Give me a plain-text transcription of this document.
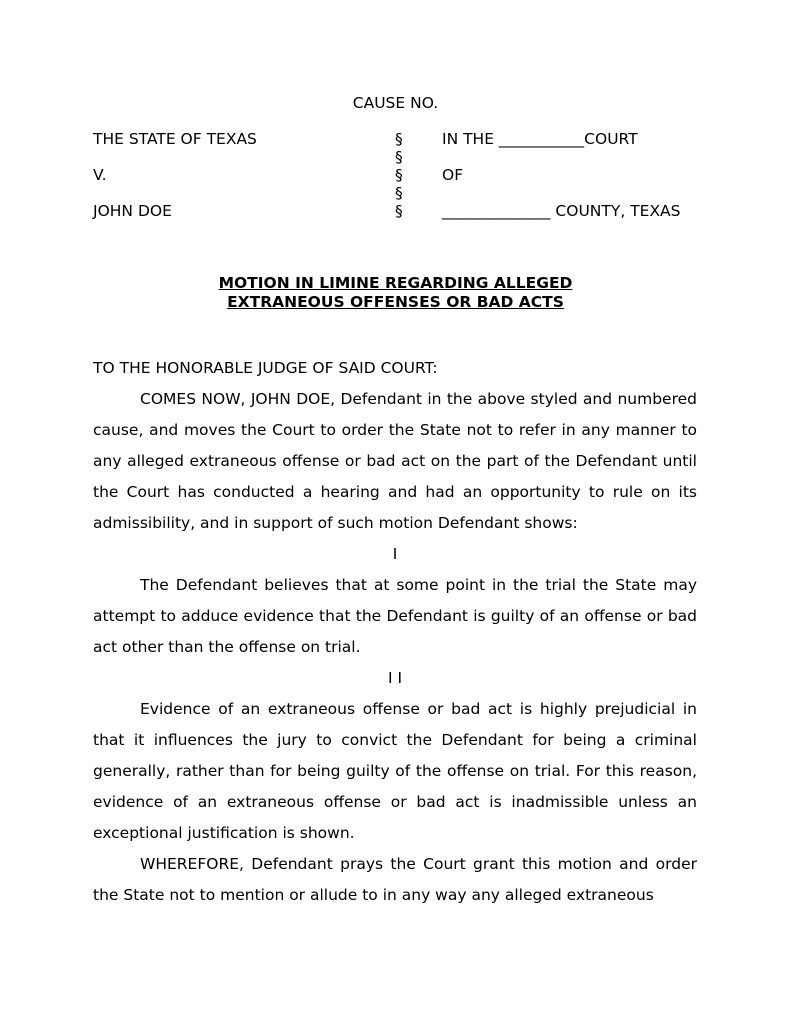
CAUSE NO.
THE STATE OF TEXAS	§	IN THE ___________COURT
§
V.	§	OF
§
JOHN DOE	§	______________ COUNTY, TEXAS
MOTION IN LIMINE REGARDING ALLEGED
EXTRANEOUS OFFENSES OR BAD ACTS
TO THE HONORABLE JUDGE OF SAID COURT:

COMES NOW, JOHN DOE, Defendant in the above styled and numbered cause, and moves the Court to order the State not to refer in any manner to any alleged extraneous offense or bad act on the part of the Defendant until the Court has conducted a hearing and had an opportunity to rule on its admissibility, and in support of such motion Defendant shows:

I

The Defendant believes that at some point in the trial the State may attempt to adduce evidence that the Defendant is guilty of an offense or bad act other than the offense on trial.

I I

Evidence of an extraneous offense or bad act is highly prejudicial in that it influences the jury to convict the Defendant for being a criminal generally, rather than for being guilty of the offense on trial. For this reason, evidence of an extraneous offense or bad act is inadmissible unless an exceptional justification is shown.

WHEREFORE, Defendant prays the Court grant this motion and order the State not to mention or allude to in any way any alleged extraneous
